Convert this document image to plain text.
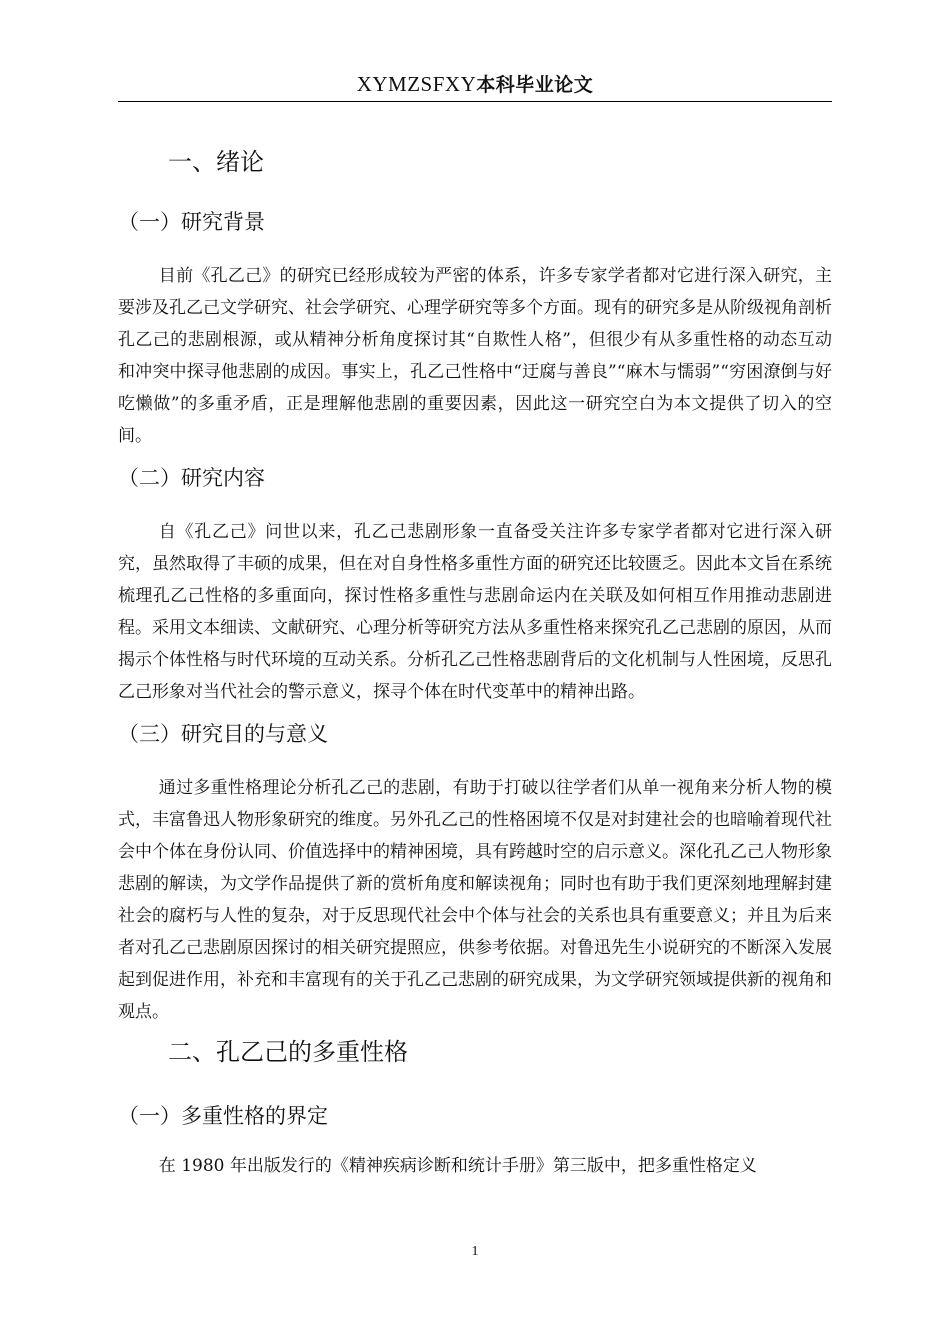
XYMZSFXY本科毕业论文
一、绪论
（一）研究背景

目前《孔乙己》的研究已经形成较为严密的体系，许多专家学者都对它进行深入研究，主要涉及孔乙己文学研究、社会学研究、心理学研究等多个方面。现有的研究多是从阶级视角剖析孔乙己的悲剧根源，或从精神分析角度探讨其“自欺性人格”，但很少有从多重性格的动态互动和冲突中探寻他悲剧的成因。事实上，孔乙己性格中“迂腐与善良”“麻木与懦弱”“穷困潦倒与好吃懒做”的多重矛盾，正是理解他悲剧的重要因素，因此这一研究空白为本文提供了切入的空间。

（二）研究内容

自《孔乙己》问世以来，孔乙己悲剧形象一直备受关注许多专家学者都对它进行深入研究，虽然取得了丰硕的成果，但在对自身性格多重性方面的研究还比较匮乏。因此本文旨在系统梳理孔乙己性格的多重面向，探讨性格多重性与悲剧命运内在关联及如何相互作用推动悲剧进程。采用文本细读、文献研究、心理分析等研究方法从多重性格来探究孔乙己悲剧的原因，从而揭示个体性格与时代环境的互动关系。分析孔乙己性格悲剧背后的文化机制与人性困境，反思孔乙己形象对当代社会的警示意义，探寻个体在时代变革中的精神出路。

（三）研究目的与意义

通过多重性格理论分析孔乙己的悲剧，有助于打破以往学者们从单一视角来分析人物的模式，丰富鲁迅人物形象研究的维度。另外孔乙己的性格困境不仅是对封建社会的也暗喻着现代社会中个体在身份认同、价值选择中的精神困境，具有跨越时空的启示意义。深化孔乙己人物形象悲剧的解读，为文学作品提供了新的赏析角度和解读视角；同时也有助于我们更深刻地理解封建社会的腐朽与人性的复杂，对于反思现代社会中个体与社会的关系也具有重要意义；并且为后来者对孔乙己悲剧原因探讨的相关研究提照应，供参考依据。对鲁迅先生小说研究的不断深入发展起到促进作用，补充和丰富现有的关于孔乙己悲剧的研究成果，为文学研究领域提供新的视角和观点。

二、孔乙己的多重性格
（一）多重性格的界定

在 1980 年出版发行的《精神疾病诊断和统计手册》第三版中，把多重性格定义

1
